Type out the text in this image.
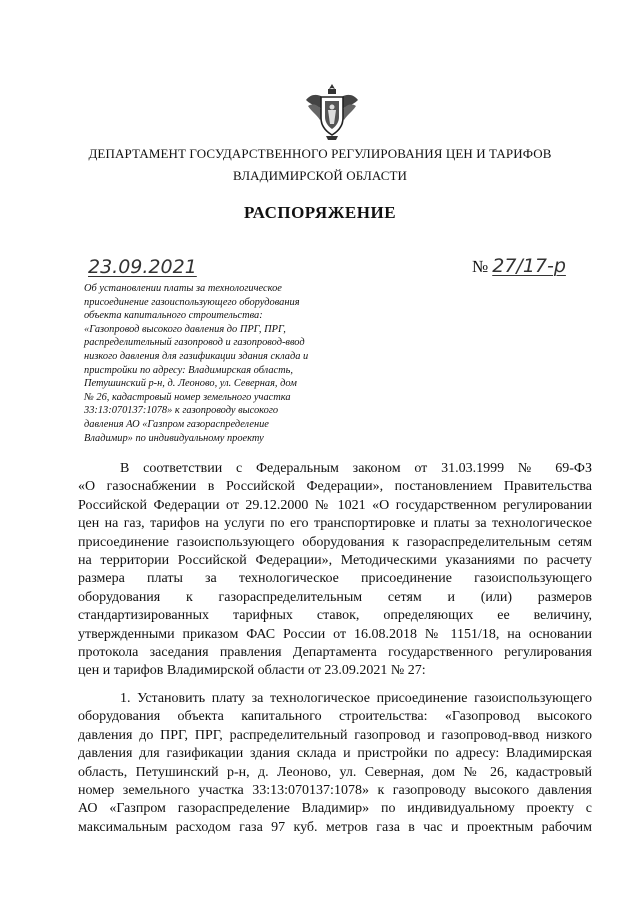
ДЕПАРТАМЕНТ ГОСУДАРСТВЕННОГО РЕГУЛИРОВАНИЯ ЦЕН И ТАРИФОВ
ВЛАДИМИРСКОЙ ОБЛАСТИ
РАСПОРЯЖЕНИЕ
23.09.2021	№ 27/17-р
Об установлении платы за технологическое
присоединение газоиспользующего оборудования
объекта капитального строительства:
«Газопровод высокого давления до ПРГ, ПРГ,
распределительный газопровод и газопровод-ввод
низкого давления для газификации здания склада и
пристройки по адресу: Владимирская область,
Петушинский р-н, д. Леоново, ул. Северная, дом
№ 26, кадастровый номер земельного участка
33:13:070137:1078» к газопроводу высокого
давления АО «Газпром газораспределение
Владимир» по индивидуальному проекту
В соответствии с Федеральным законом от 31.03.1999 № 69-ФЗ
«О газоснабжении в Российской Федерации», постановлением Правительства
Российской Федерации от 29.12.2000 № 1021 «О государственном регулировании
цен на газ, тарифов на услуги по его транспортировке и платы за технологическое
присоединение газоиспользующего оборудования к газораспределительным сетям
на территории Российской Федерации», Методическими указаниями по расчету
размера платы за технологическое присоединение газоиспользующего
оборудования к газораспределительным сетям и (или) размеров
стандартизированных тарифных ставок, определяющих ее величину,
утвержденными приказом ФАС России от 16.08.2018 № 1151/18, на основании
протокола заседания правления Департамента государственного регулирования
цен и тарифов Владимирской области от 23.09.2021 № 27:
1. Установить плату за технологическое присоединение газоиспользующего
оборудования объекта капитального строительства: «Газопровод высокого
давления до ПРГ, ПРГ, распределительный газопровод и газопровод-ввод низкого
давления для газификации здания склада и пристройки по адресу: Владимирская
область, Петушинский р-н, д. Леоново, ул. Северная, дом № 26, кадастровый
номер земельного участка 33:13:070137:1078» к газопроводу высокого давления
АО «Газпром газораспределение Владимир» по индивидуальному проекту с
максимальным расходом газа 97 куб. метров газа в час и проектным рабочим
